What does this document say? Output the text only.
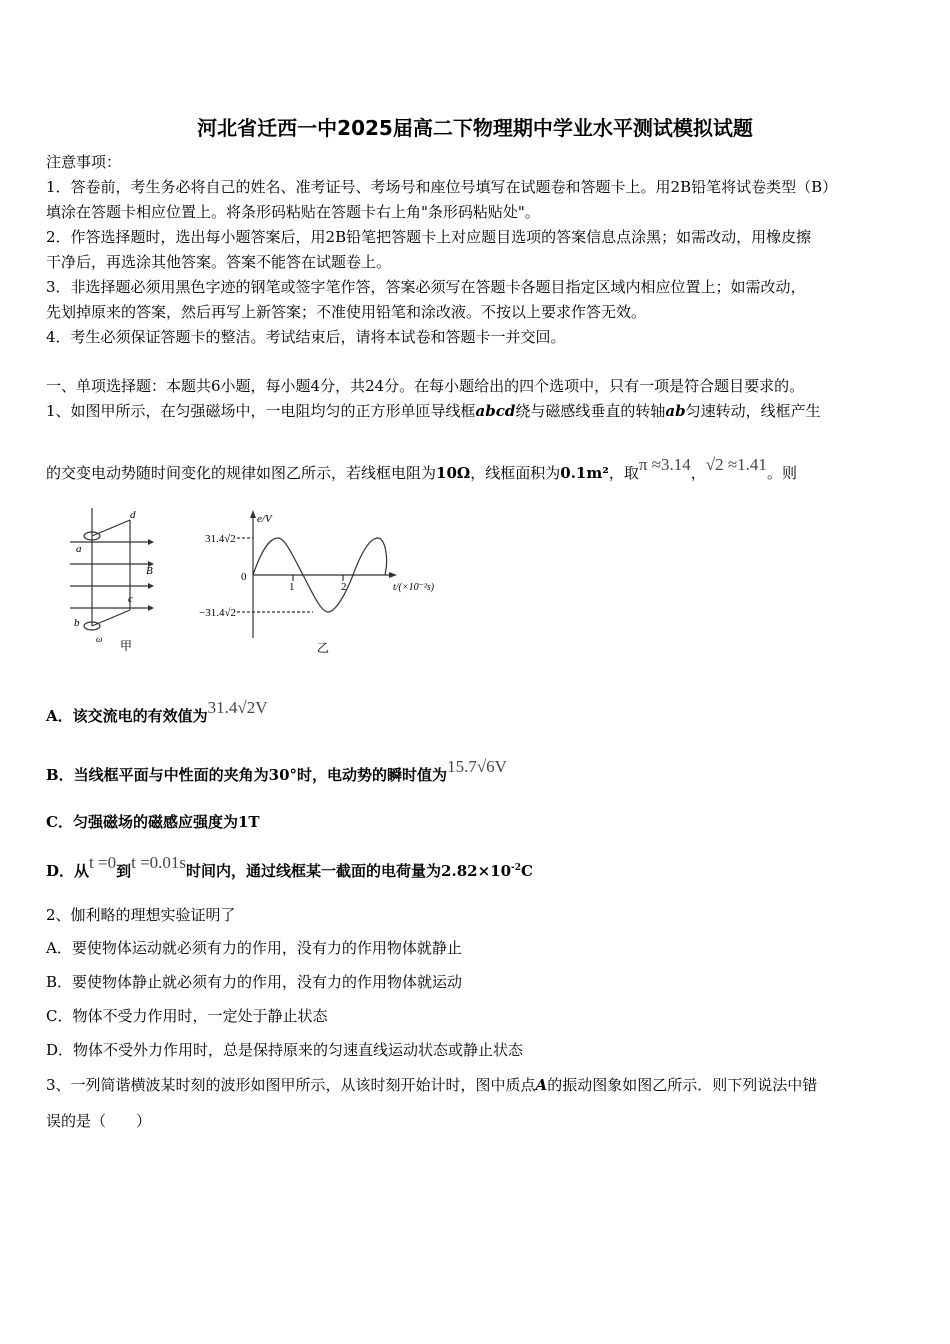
河北省迁西一中2025届高二下物理期中学业水平测试模拟试题
注意事项：
1．答卷前，考生务必将自己的姓名、准考证号、考场号和座位号填写在试题卷和答题卡上。用2B铅笔将试卷类型（B）
填涂在答题卡相应位置上。将条形码粘贴在答题卡右上角"条形码粘贴处"。
2．作答选择题时，选出每小题答案后，用2B铅笔把答题卡上对应题目选项的答案信息点涂黑；如需改动，用橡皮擦
干净后，再选涂其他答案。答案不能答在试题卷上。
3．非选择题必须用黑色字迹的钢笔或签字笔作答，答案必须写在答题卡各题目指定区域内相应位置上；如需改动，
先划掉原来的答案，然后再写上新答案；不准使用铅笔和涂改液。不按以上要求作答无效。
4．考生必须保证答题卡的整洁。考试结束后，请将本试卷和答题卡一并交回。
一、单项选择题：本题共6小题，每小题4分，共24分。在每小题给出的四个选项中，只有一项是符合题目要求的。
1、如图甲所示，在匀强磁场中，一电阻均匀的正方形单匝导线框abcd绕与磁感线垂直的转轴ab匀速转动，线框产生
的交变电动势随时间变化的规律如图乙所示，若线框电阻为10Ω，线框面积为0.1m²，取π ≈3.14，√2 ≈1.41。则
a
d
B
c
b
ω 甲
e/V
31.4√2
0
−31.4√2
1	2	t/(×10⁻²s)
乙
A．该交流电的有效值为31.4√2V
B．当线框平面与中性面的夹角为30°时，电动势的瞬时值为15.7√6V
C．匀强磁场的磁感应强度为1T
D．从t =0到t =0.01s时间内，通过线框某一截面的电荷量为$2.82\times 10^{-2}C$
2、伽利略的理想实验证明了
A．要使物体运动就必须有力的作用，没有力的作用物体就静止
B．要使物体静止就必须有力的作用，没有力的作用物体就运动
C．物体不受力作用时，一定处于静止状态
D．物体不受外力作用时，总是保持原来的匀速直线运动状态或静止状态
3、一列简谐横波某时刻的波形如图甲所示，从该时刻开始计时，图中质点A的振动图象如图乙所示．则下列说法中错
误的是（　　）
